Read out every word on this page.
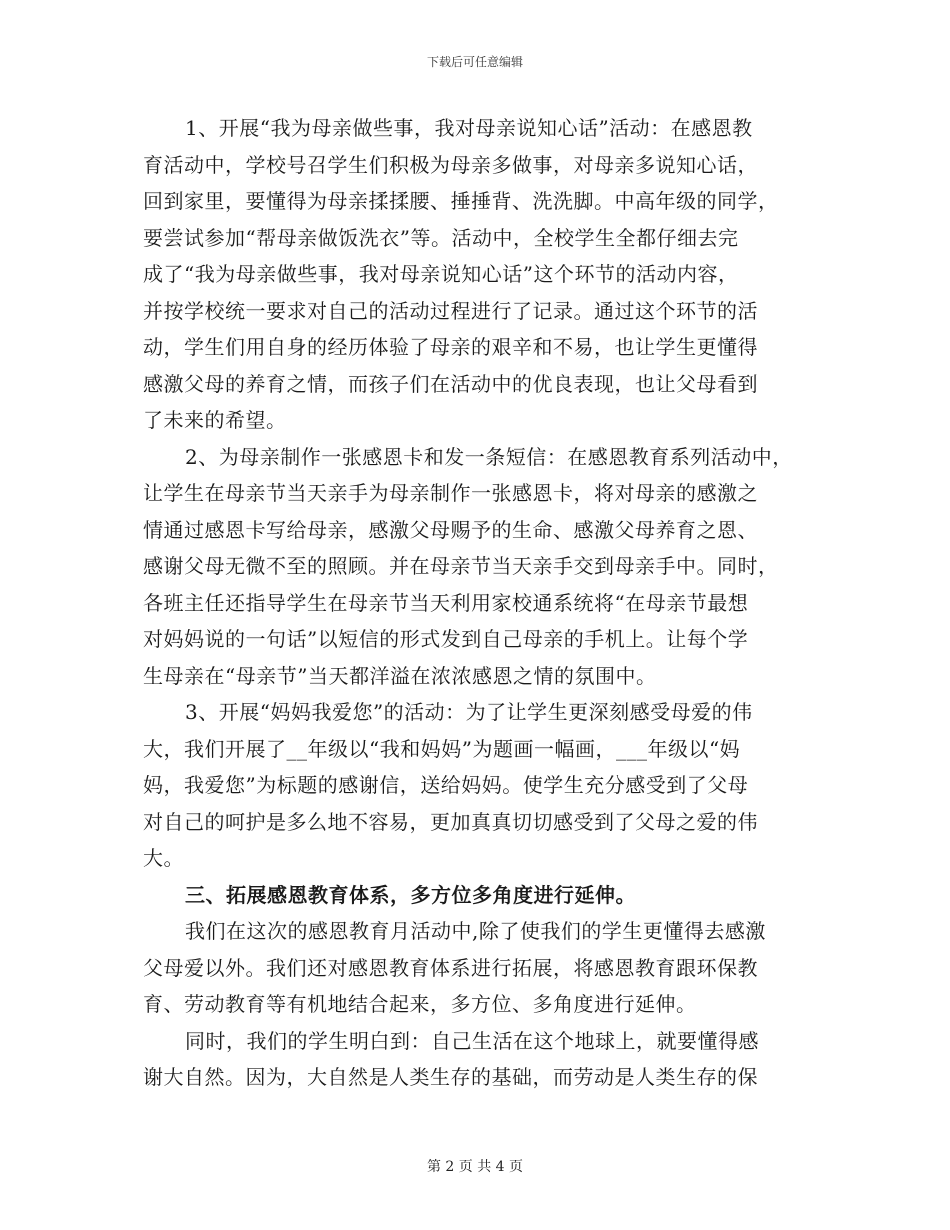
下载后可任意编辑
1、开展“我为母亲做些事，我对母亲说知心话”活动：在感恩教
育活动中，学校号召学生们积极为母亲多做事，对母亲多说知心话，
回到家里，要懂得为母亲揉揉腰、捶捶背、洗洗脚。中高年级的同学，
要尝试参加“帮母亲做饭洗衣”等。活动中，全校学生全都仔细去完
成了“我为母亲做些事，我对母亲说知心话”这个环节的活动内容，
并按学校统一要求对自己的活动过程进行了记录。通过这个环节的活
动，学生们用自身的经历体验了母亲的艰辛和不易，也让学生更懂得
感激父母的养育之情，而孩子们在活动中的优良表现，也让父母看到
了未来的希望。
2、为母亲制作一张感恩卡和发一条短信：在感恩教育系列活动中，
让学生在母亲节当天亲手为母亲制作一张感恩卡，将对母亲的感激之
情通过感恩卡写给母亲，感激父母赐予的生命、感激父母养育之恩、
感谢父母无微不至的照顾。并在母亲节当天亲手交到母亲手中。同时，
各班主任还指导学生在母亲节当天利用家校通系统将“在母亲节最想
对妈妈说的一句话”以短信的形式发到自己母亲的手机上。让每个学
生母亲在“母亲节”当天都洋溢在浓浓感恩之情的氛围中。
3、开展“妈妈我爱您”的活动：为了让学生更深刻感受母爱的伟
大，我们开展了__年级以“我和妈妈”为题画一幅画，___年级以“妈
妈，我爱您”为标题的感谢信，送给妈妈。使学生充分感受到了父母
对自己的呵护是多么地不容易，更加真真切切感受到了父母之爱的伟
大。
三、拓展感恩教育体系，多方位多角度进行延伸。
我们在这次的感恩教育月活动中,除了使我们的学生更懂得去感激
父母爱以外。我们还对感恩教育体系进行拓展，将感恩教育跟环保教
育、劳动教育等有机地结合起来，多方位、多角度进行延伸。
同时，我们的学生明白到：自己生活在这个地球上，就要懂得感
谢大自然。因为，大自然是人类生存的基础，而劳动是人类生存的保
第 2 页 共 4 页
